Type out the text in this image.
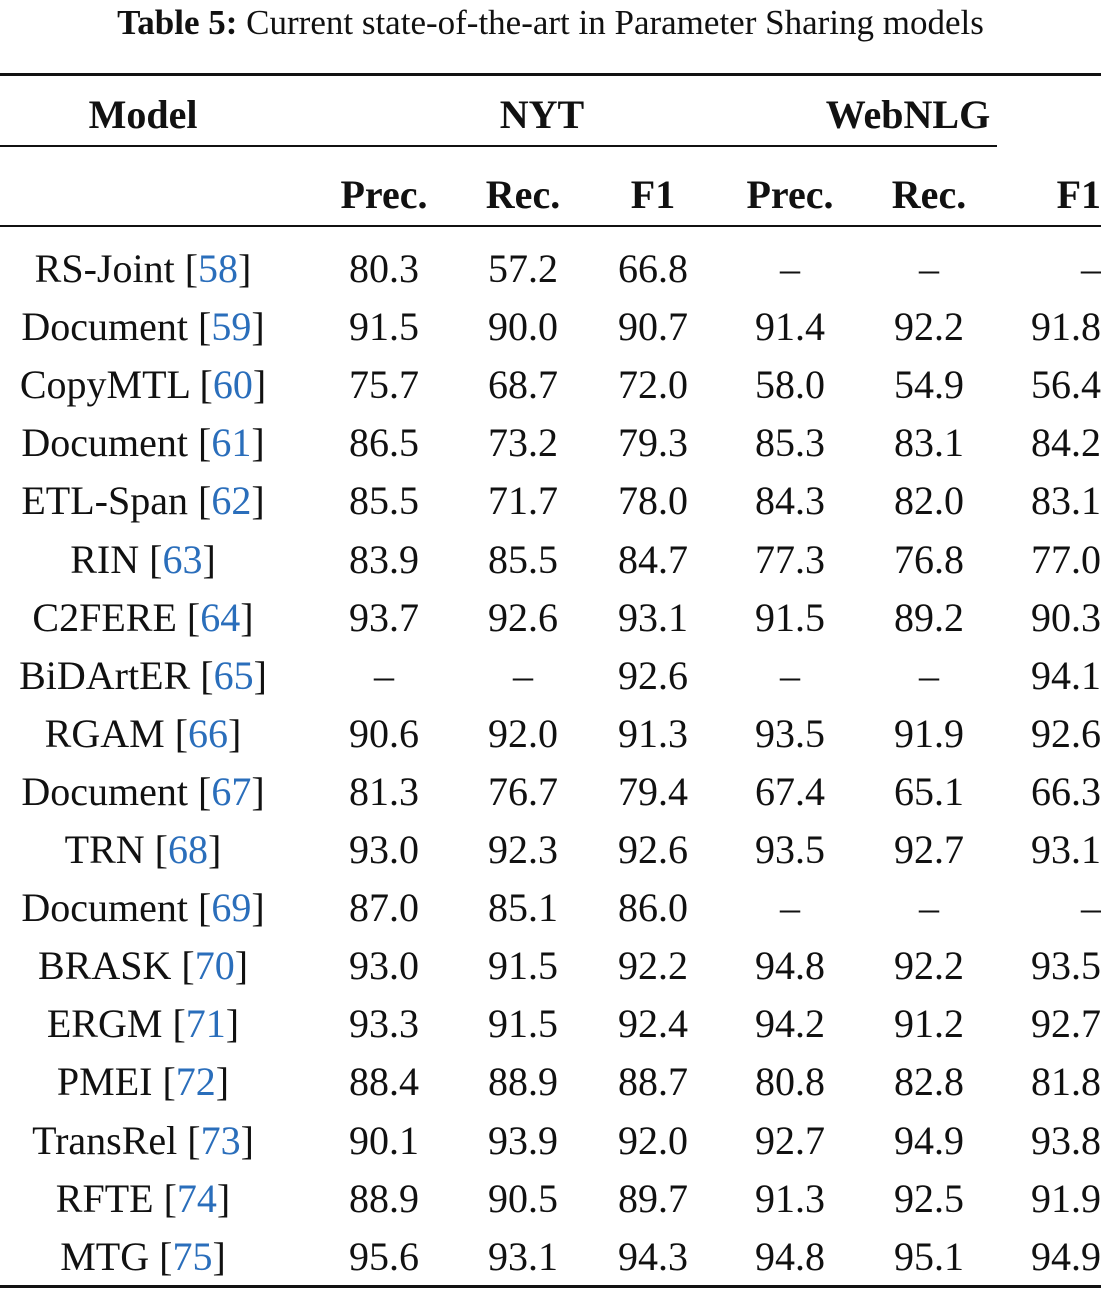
Table 5: Current state-of-the-art in Parameter Sharing models
Model	NYT	WebNLG
Prec.	Rec.	F1	Prec.	Rec.	F1
RS-Joint [58]	80.3	57.2	66.8	–	–	–
Document [59]	91.5	90.0	90.7	91.4	92.2	91.8
CopyMTL [60]	75.7	68.7	72.0	58.0	54.9	56.4
Document [61]	86.5	73.2	79.3	85.3	83.1	84.2
ETL-Span [62]	85.5	71.7	78.0	84.3	82.0	83.1
RIN [63]	83.9	85.5	84.7	77.3	76.8	77.0
C2FERE [64]	93.7	92.6	93.1	91.5	89.2	90.3
BiDArtER [65]	–	–	92.6	–	–	94.1
RGAM [66]	90.6	92.0	91.3	93.5	91.9	92.6
Document [67]	81.3	76.7	79.4	67.4	65.1	66.3
TRN [68]	93.0	92.3	92.6	93.5	92.7	93.1
Document [69]	87.0	85.1	86.0	–	–	–
BRASK [70]	93.0	91.5	92.2	94.8	92.2	93.5
ERGM [71]	93.3	91.5	92.4	94.2	91.2	92.7
PMEI [72]	88.4	88.9	88.7	80.8	82.8	81.8
TransRel [73]	90.1	93.9	92.0	92.7	94.9	93.8
RFTE [74]	88.9	90.5	89.7	91.3	92.5	91.9
MTG [75]	95.6	93.1	94.3	94.8	95.1	94.9
